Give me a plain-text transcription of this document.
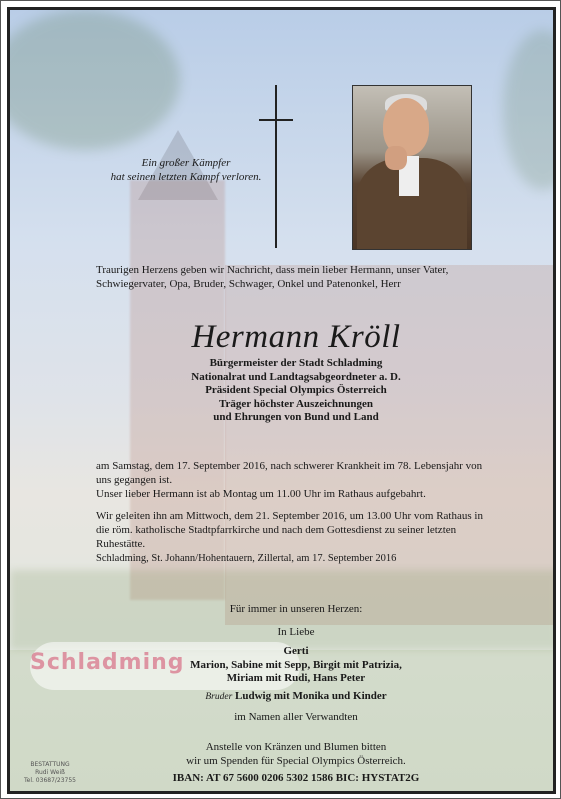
Schladming
Ein großer Kämpfer
hat seinen letzten Kampf verloren.
Traurigen Herzens geben wir Nachricht, dass mein lieber Hermann, unser Vater, Schwiegervater, Opa, Bruder, Schwager, Onkel und Patenonkel, Herr
Hermann Kröll
Bürgermeister der Stadt Schladming
Nationalrat und Landtagsabgeordneter a. D.
Präsident Special Olympics Österreich
Träger höchster Auszeichnungen
und Ehrungen von Bund und Land
am Samstag, dem 17. September 2016, nach schwerer Krankheit im 78. Lebensjahr von uns gegangen ist.
Unser lieber Hermann ist ab Montag um 11.00 Uhr im Rathaus aufgebahrt.
Wir geleiten ihn am Mittwoch, dem 21. September 2016, um 13.00 Uhr vom Rathaus in die röm. katholische Stadtpfarrkirche und nach dem Gottesdienst zu seiner letzten Ruhestätte.
Schladming, St. Johann/Hohentauern, Zillertal, am 17. September 2016
Für immer in unseren Herzen:
In Liebe
Gerti
Marion, Sabine mit Sepp, Birgit mit Patrizia,
Miriam mit Rudi, Hans Peter
Bruder Ludwig mit Monika und Kinder
im Namen aller Verwandten
Anstelle von Kränzen und Blumen bitten
wir um Spenden für Special Olympics Österreich.
IBAN: AT 67 5600 0206 5302 1586 BIC: HYSTAT2G
BESTATTUNG
Rudi Weiß
Tel. 03687/23755
